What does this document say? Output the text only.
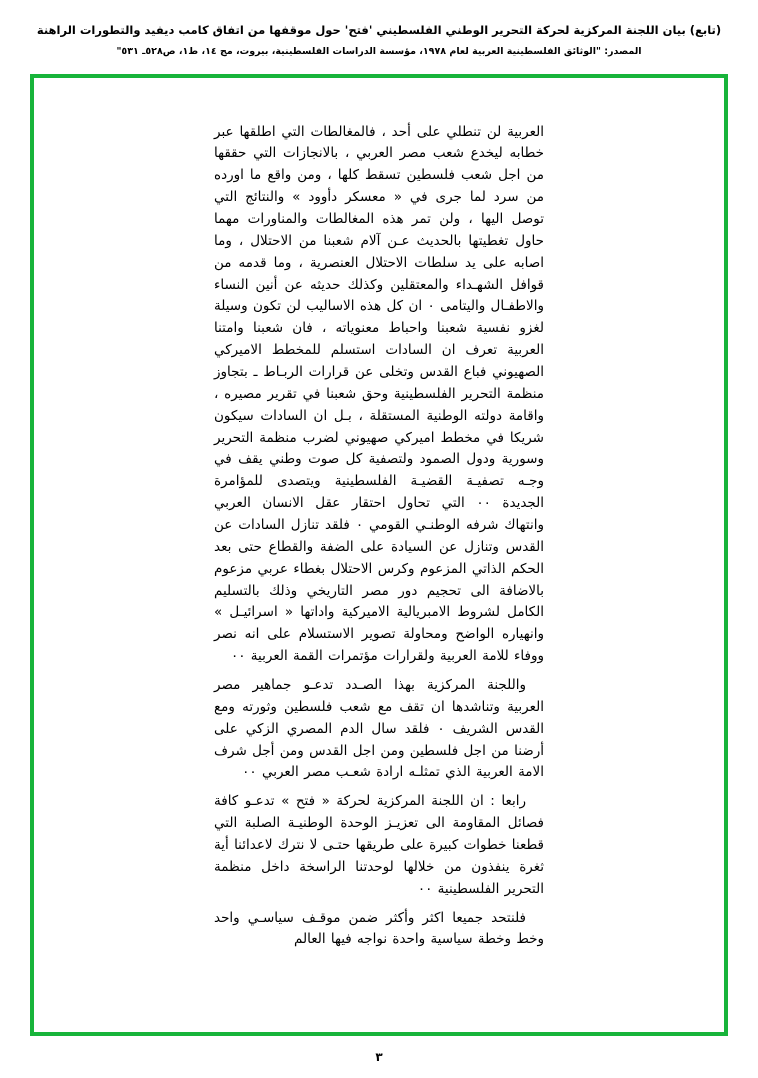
(تابع) بيان اللجنة المركزية لحركة التحرير الوطني الفلسطيني 'فتح' حول موقفها من اتفاق كامب ديفيد والتطورات الراهنة
المصدر: "الوثائق الفلسطينية العربية لعام ١٩٧٨، مؤسسة الدراسات الفلسطينية، بيروت، مج ١٤، ط١، ص٥٢٨ـ ٥٣١"

العربية لن تنطلي على أحد ، فالمغالطات التي اطلقها عبر خطابه ليخدع شعب مصر العربي ، بالانجازات التي حققها من اجل شعب فلسطين تسقط كلها ، ومن واقع ما اورده من سرد لما جرى في « معسكر دأوود » والنتائج التي توصل اليها ، ولن تمر هذه المغالطات والمناورات مهما حاول تغطيتها بالحديث عـن آلام شعبنا من الاحتلال ، وما اصابه على يد سلطات الاحتلال العنصرية ، وما قدمه من قوافل الشهـداء والمعتقلين وكذلك حديثه عن أنين النساء والاطفـال واليتامى ٠ ان كل هذه الاساليب لن تكون وسيلة لغزو نفسية شعبنا واحباط معنوياته ، فان شعبنا وامتنا العربية تعرف ان السادات استسلم للمخطط الاميركي الصهيوني فباع القدس وتخلى عن قرارات الربـاط ـ بتجاوز منظمة التحرير الفلسطينية وحق شعبنا في تقرير مصيره ، واقامة دولته الوطنية المستقلة ، بـل ان السادات سيكون شريكا في مخطط اميركي صهيوني لضرب منظمة التحرير وسورية ودول الصمود ولتصفية كل صوت وطني يقف في وجـه تصفيـة القضيـة الفلسطينية ويتصدى للمؤامرة الجديدة ٠٠ التي تحاول احتقار عقل الانسان العربي وانتهاك شرفه الوطنـي القومي ٠ فلقد تنازل السادات عن القدس وتنازل عن السيادة على الضفة والقطاع حتى بعد الحكم الذاتي المزعوم وكرس الاحتلال بغطاء عربي مزعوم بالاضافة الى تحجيم دور مصر التاريخي وذلك بالتسليم الكامل لشروط الامبريالية الاميركية واداتها « اسرائيـل » وانهياره الواضح ومحاولة تصوير الاستسلام على انه نصر ووفاء للامة العربية ولقرارات مؤتمرات القمة العربية ٠٠

واللجنة المركزية بهذا الصـدد تدعـو جماهير مصر العربية وتناشدها ان تقف مع شعب فلسطين وثورته ومع القدس الشريف ٠ فلقد سال الدم المصري الزكي على أرضنا من اجل فلسطين ومن اجل القدس ومن أجل شرف الامة العربية الذي تمثلـه ارادة شعـب مصر العربي ٠٠

رابعا : ان اللجنة المركزية لحركة « فتح » تدعـو كافة فصائل المقاومة الى تعزيـز الوحدة الوطنيـة الصلبة التي قطعنا خطوات كبيرة على طريقها حتـى لا نترك لاعدائنا أية ثغرة ينفذون من خلالها لوحدتنا الراسخة داخل منظمة التحرير الفلسطينية ٠٠

فلنتحد جميعا اكثر وأكثر ضمن موقـف سياسـي واحد وخط وخطة سياسية واحدة نواجه فيها العالم

٣
